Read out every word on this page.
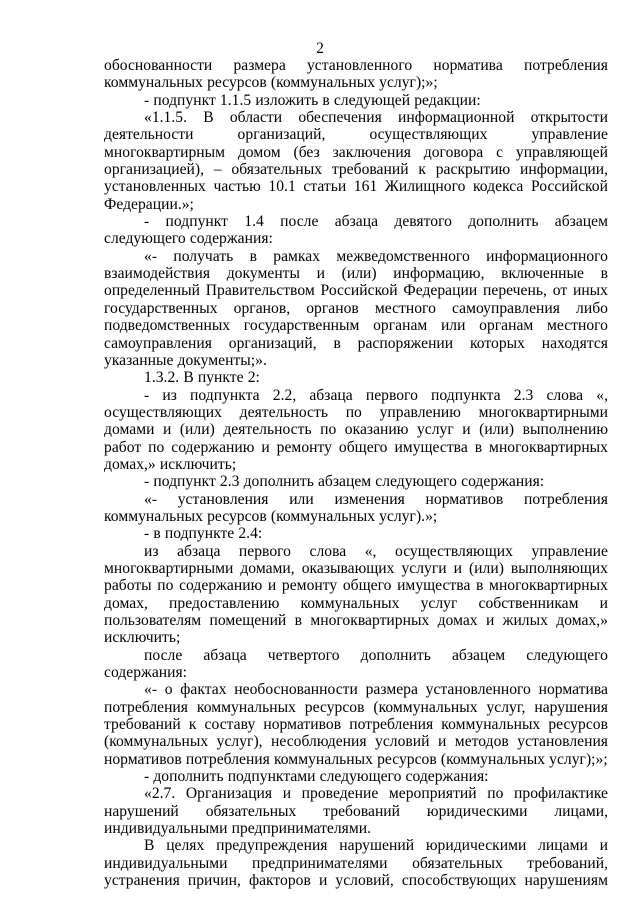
2

обоснованности размера установленного норматива потребления коммунальных ресурсов (коммунальных услуг);»;

- подпункт 1.1.5 изложить в следующей редакции:

«1.1.5. В области обеспечения информационной открытости деятельности организаций, осуществляющих управление многоквартирным домом (без заключения договора с управляющей организацией), – обязательных требований к раскрытию информации, установленных частью 10.1 статьи 161 Жилищного кодекса Российской Федерации.»;

- подпункт 1.4 после абзаца девятого дополнить абзацем следующего содержания:

«- получать в рамках межведомственного информационного взаимодействия документы и (или) информацию, включенные в определенный Правительством Российской Федерации перечень, от иных государственных органов, органов местного самоуправления либо подведомственных государственным органам или органам местного самоуправления организаций, в распоряжении которых находятся указанные документы;».

1.3.2. В пункте 2:

- из подпункта 2.2, абзаца первого подпункта 2.3 слова «, осуществляющих деятельность по управлению многоквартирными домами и (или) деятельность по оказанию услуг и (или) выполнению работ по содержанию и ремонту общего имущества в многоквартирных домах,» исключить;

- подпункт 2.3 дополнить абзацем следующего содержания:

«- установления или изменения нормативов потребления коммунальных ресурсов (коммунальных услуг).»;

- в подпункте 2.4:

из абзаца первого слова «, осуществляющих управление многоквартирными домами, оказывающих услуги и (или) выполняющих работы по содержанию и ремонту общего имущества в многоквартирных домах, предоставлению коммунальных услуг собственникам и пользователям помещений в многоквартирных домах и жилых домах,» исключить;

после абзаца четвертого дополнить абзацем следующего содержания:

«- о фактах необоснованности размера установленного норматива потребления коммунальных ресурсов (коммунальных услуг, нарушения требований к составу нормативов потребления коммунальных ресурсов (коммунальных услуг), несоблюдения условий и методов установления нормативов потребления коммунальных ресурсов (коммунальных услуг);»;

- дополнить подпунктами следующего содержания:

«2.7. Организация и проведение мероприятий по профилактике нарушений обязательных требований юридическими лицами, индивидуальными предпринимателями.

В целях предупреждения нарушений юридическими лицами и индивидуальными предпринимателями обязательных требований, устранения причин, факторов и условий, способствующих нарушениям
